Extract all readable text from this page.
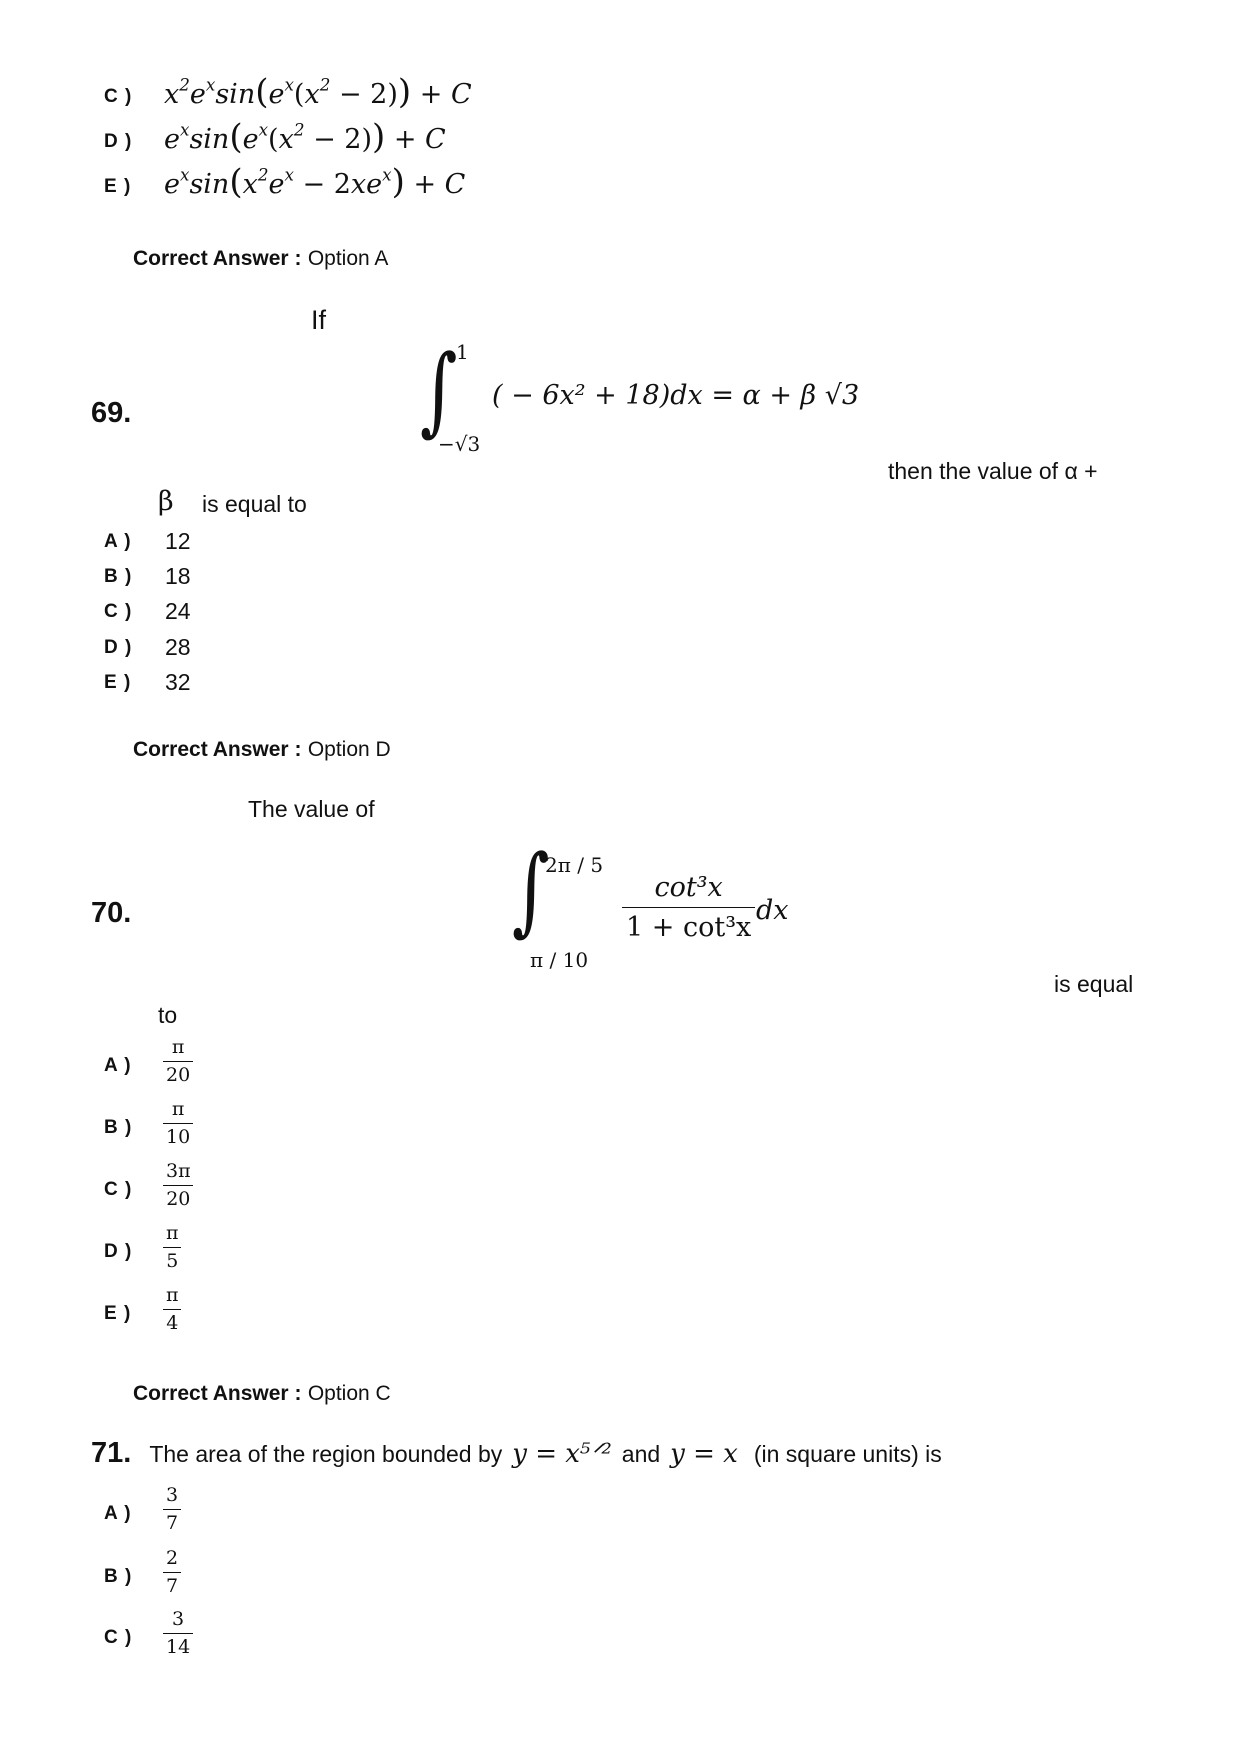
C ) $x^2e^x\sin(e^x(x^2 - 2)) + C$
D ) $e^x\sin(e^x(x^2 - 2)) + C$
E ) $e^x\sin(x^2e^x - 2xe^x) + C$
Correct Answer : Option A
If
69.	∫
1
−√3
( − 6x² + 18)dx = α + β √3
then the value of α +
β is equal to
A ) 12
B ) 18
C ) 24
D ) 28
E ) 32
Correct Answer : Option D
The value of
70.	∫
2π / 5
π / 10
$\frac{\text{cot³x}}{\text{1 + cot³x}}$ dx
is equal
to
A ) $\frac{\pi}{20}$
B ) $\frac{\pi}{10}$
C ) $\frac{3\pi}{20}$
D ) $\frac{\pi}{5}$
E ) $\frac{\pi}{4}$
Correct Answer : Option C
71. The area of the region bounded by y = x⁵ᐟ² and y = x (in square units) is
A ) $\frac{3}{7}$
B ) $\frac{2}{7}$
C ) $\frac{3}{14}$
